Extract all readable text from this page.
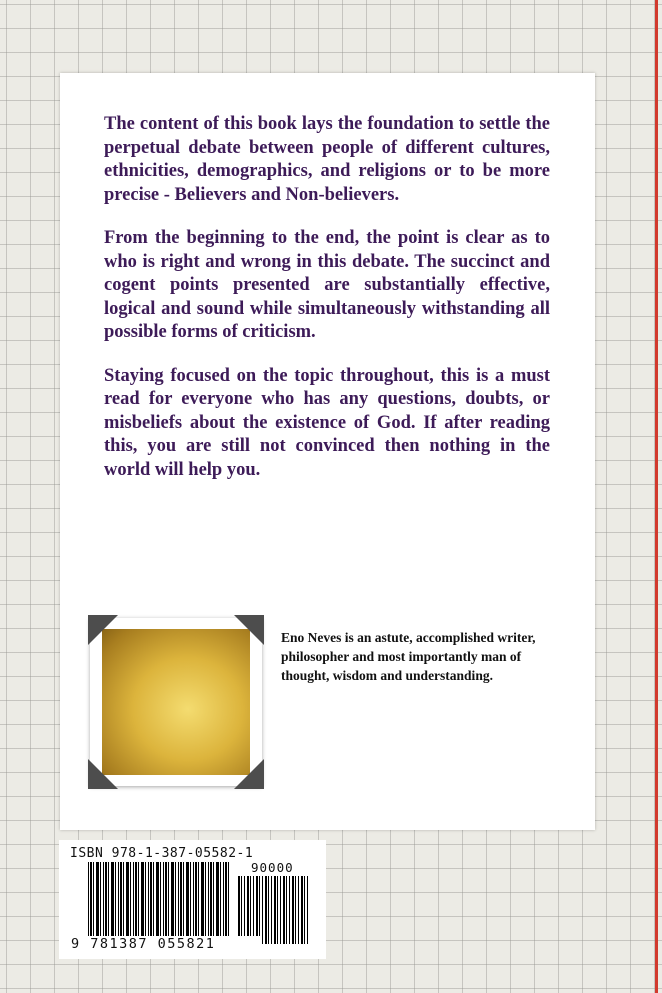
The content of this book lays the foundation to settle the perpetual debate between people of different cultures, ethnicities, demographics, and religions or to be more precise - Believers and Non-believers.

From the beginning to the end, the point is clear as to who is right and wrong in this debate. The succinct and cogent points presented are substantially effective, logical and sound while simultaneously withstanding all possible forms of criticism.

Staying focused on the topic throughout, this is a must read for everyone who has any questions, doubts, or misbeliefs about the existence of God. If after reading this, you are still not convinced then nothing in the world will help you.

Eno Neves is an astute, accomplished writer, philosopher and most importantly man of thought, wisdom and understanding.
ISBN 978-1-387-05582-1
90000
9 781387 055821
